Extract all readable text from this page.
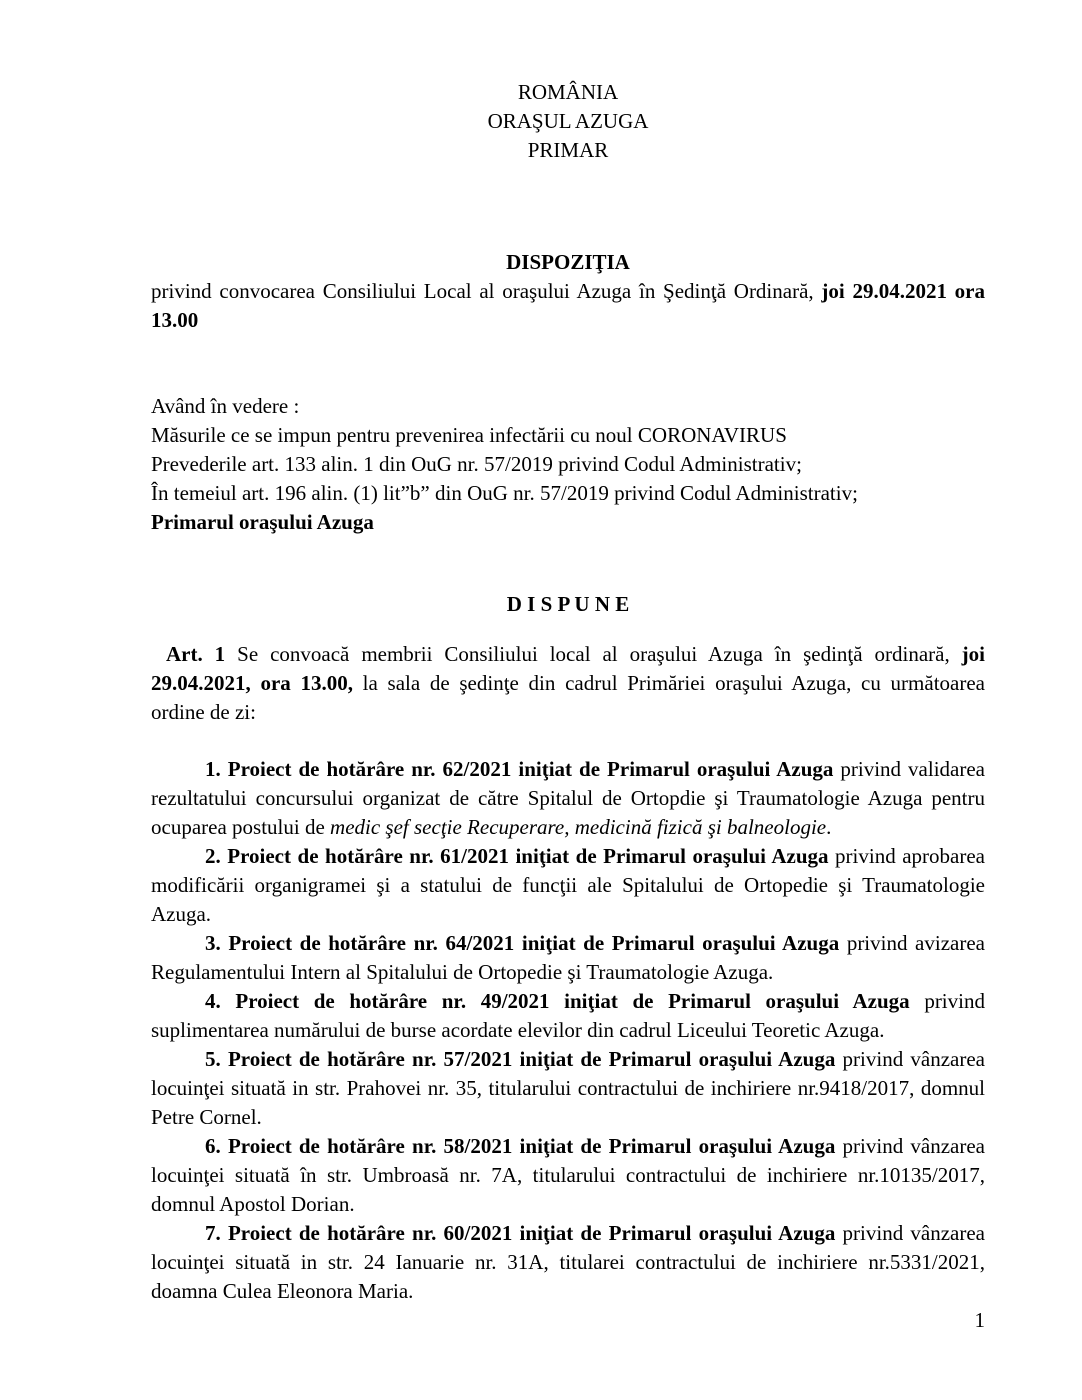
ROMÂNIA
ORAŞUL AZUGA
PRIMAR
DISPOZIŢIA

privind convocarea Consiliului Local al oraşului Azuga în Şedinţă Ordinară, joi 29.04.2021 ora 13.00

Având în vedere :
Măsurile ce se impun pentru prevenirea infectării cu noul CORONAVIRUS
Prevederile art. 133 alin. 1 din OuG nr. 57/2019 privind Codul Administrativ;
În temeiul art. 196 alin. (1) lit”b” din OuG nr. 57/2019 privind Codul Administrativ;
Primarul oraşului Azuga
D I S P U N E

Art. 1 Se convoacă membrii Consiliului local al oraşului Azuga în şedinţă ordinară, joi 29.04.2021, ora 13.00, la sala de şedinţe din cadrul Primăriei oraşului Azuga, cu următoarea ordine de zi:

1. Proiect de hotărâre nr. 62/2021 iniţiat de Primarul oraşului Azuga privind validarea rezultatului concursului organizat de către Spitalul de Ortopdie şi Traumatologie Azuga pentru ocuparea postului de medic şef secţie Recuperare, medicină fizică şi balneologie.

2. Proiect de hotărâre nr. 61/2021 iniţiat de Primarul oraşului Azuga privind aprobarea modificării organigramei şi a statului de funcţii ale Spitalului de Ortopedie şi Traumatologie Azuga.

3. Proiect de hotărâre nr. 64/2021 iniţiat de Primarul oraşului Azuga privind avizarea Regulamentului Intern al Spitalului de Ortopedie şi Traumatologie Azuga.

4. Proiect de hotărâre nr. 49/2021 iniţiat de Primarul oraşului Azuga privind suplimentarea numărului de burse acordate elevilor din cadrul Liceului Teoretic Azuga.

5. Proiect de hotărâre nr. 57/2021 iniţiat de Primarul oraşului Azuga privind vânzarea locuinţei situată in str. Prahovei nr. 35, titularului contractului de inchiriere nr.9418/2017, domnul Petre Cornel.

6. Proiect de hotărâre nr. 58/2021 iniţiat de Primarul oraşului Azuga privind vânzarea locuinţei situată în str. Umbroasă nr. 7A, titularului contractului de inchiriere nr.10135/2017, domnul Apostol Dorian.

7. Proiect de hotărâre nr. 60/2021 iniţiat de Primarul oraşului Azuga privind vânzarea locuinţei situată in str. 24 Ianuarie nr. 31A, titularei contractului de inchiriere nr.5331/2021, doamna Culea Eleonora Maria.

1
